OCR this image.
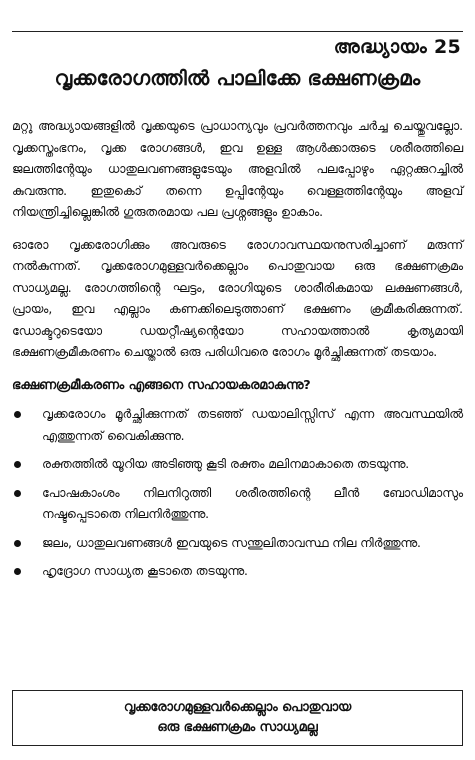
അദ്ധ്യായം 25
വൃക്കരോഗത്തിൽ പാലിക്കേ ഭക്ഷണക്രമം

മറ്റു അദ്ധ്യായങ്ങളിൽ വൃക്കയുടെ പ്രാധാന്യവും പ്രവർത്തനവും ചർച്ച ചെയ്തുവല്ലോ. വൃക്കസ്തംഭനം, വൃക്ക രോഗങ്ങൾ, ഇവ ഉള്ള ആൾക്കാരുടെ ശരീരത്തിലെ ജലത്തിന്റേയും ധാതുലവണങ്ങളുടേയും അളവിൽ പലപ്പോഴും ഏറ്റക്കുറച്ചിൽ കുവരുന്നു. ഇതുകൊ് തന്നെ ഉപ്പിന്റേയും വെള്ളത്തിന്റേയും അളവ് നിയന്ത്രിച്ചില്ലെങ്കിൽ ഗുരുതരമായ പല പ്രശ്നങ്ങളും ഉാകാം.

ഓരോ വൃക്കരോഗിക്കും അവരുടെ രോഗാവസ്ഥയനുസരിച്ചാണ് മരുന്ന് നൽകുന്നത്. വൃക്കരോഗമുള്ളവർക്കെല്ലാം പൊതുവായ ഒരു ഭക്ഷണക്രമം സാധ്യമല്ല. രോഗത്തിന്റെ ഘട്ടം, രോഗിയുടെ ശാരീരികമായ ലക്ഷണങ്ങൾ, പ്രായം, ഇവ എല്ലാം കണക്കിലെടുത്താണ് ഭക്ഷണം ക്രമീകരിക്കുന്നത്. ഡോക്ടറുടെയോ ഡയറ്റീഷ്യന്റെയോ സഹായത്താൽ കൃത്യമായി ഭക്ഷണക്രമീകരണം ചെയ്താൽ ഒരു പരിധിവരെ രോഗം മൂർച്ഛിക്കുന്നത് തടയാം.

ഭക്ഷണക്രമീകരണം എങ്ങനെ സഹായകരമാകുന്നു?
വൃക്കരോഗം മൂർച്ഛിക്കുന്നത് തടഞ്ഞ് ഡയാലിസ്സിസ് എന്ന അവസ്ഥയിൽ എത്തുന്നത് വൈകിക്കുന്നു.
രക്തത്തിൽ യൂറിയ അടിഞ്ഞു കൂടി രക്തം മലിനമാകാതെ തടയുന്നു.
പോഷകാംശം നിലനിറുത്തി ശരീരത്തിന്റെ ലീൻ ബോഡിമാസും നഷ്ടപ്പെടാതെ നിലനിർത്തുന്നു.
ജലം, ധാതുലവണങ്ങൾ ഇവയുടെ സന്തുലിതാവസ്ഥ നില നിർത്തുന്നു.
ഹൃദ്രോഗ സാധ്യത കൂടാതെ തടയുന്നു.
വൃക്കരോഗമുള്ളവർക്കെല്ലാം പൊതുവായ
ഒരു ഭക്ഷണക്രമം സാധ്യമല്ല
